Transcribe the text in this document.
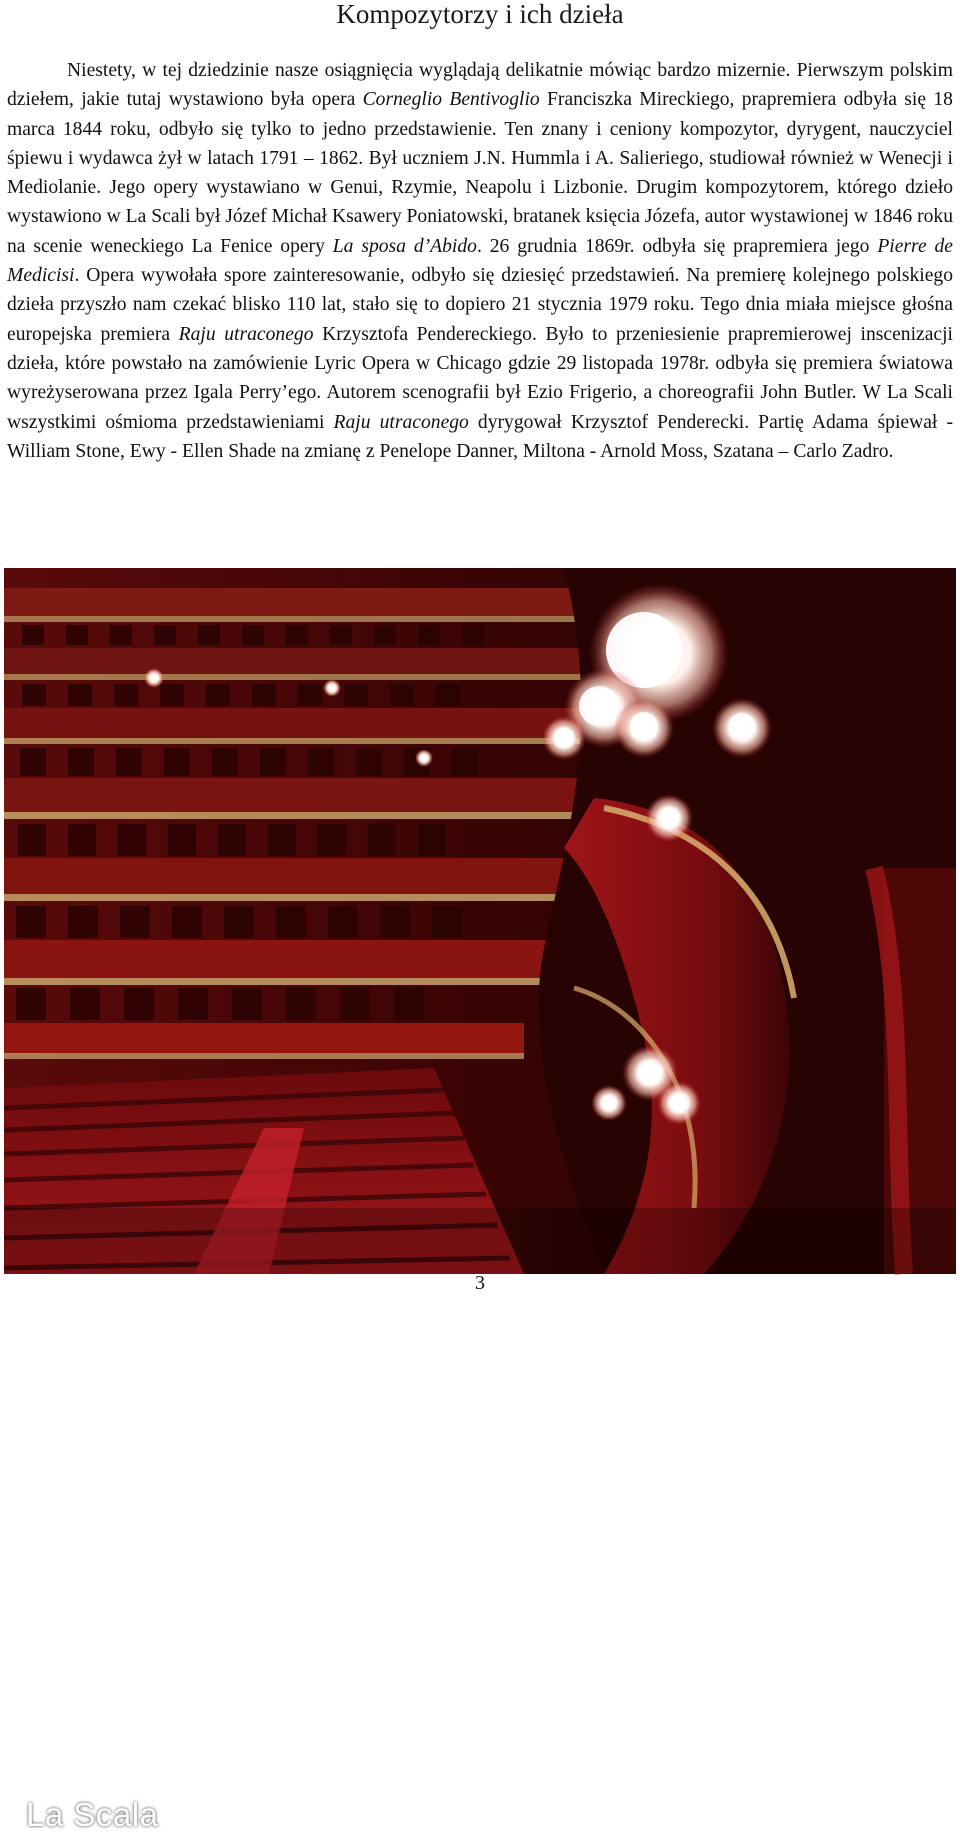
Kompozytorzy i ich dzieła

Niestety, w tej dziedzinie nasze osiągnięcia wyglądają delikatnie mówiąc bardzo mizernie. Pierwszym polskim dziełem, jakie tutaj wystawiono była opera Corneglio Bentivoglio Franciszka Mireckiego, prapremiera odbyła się 18 marca 1844 roku, odbyło się tylko to jedno przedstawienie. Ten znany i ceniony kompozytor, dyrygent, nauczyciel śpiewu i wydawca żył w latach 1791 – 1862. Był uczniem J.N. Hummla i A. Salieriego, studiował również w Wenecji i Mediolanie. Jego opery wystawiano w Genui, Rzymie, Neapolu i Lizbonie. Drugim kompozytorem, którego dzieło wystawiono w La Scali był Józef Michał Ksawery Poniatowski, bratanek księcia Józefa, autor wystawionej w 1846 roku na scenie weneckiego La Fenice opery La sposa d’Abido. 26 grudnia 1869r. odbyła się prapremiera jego Pierre de Medicisi. Opera wywołała spore zainteresowanie, odbyło się dziesięć przedstawień. Na premierę kolejnego polskiego dzieła przyszło nam czekać blisko 110 lat, stało się to dopiero 21 stycznia 1979 roku. Tego dnia miała miejsce głośna europejska premiera Raju utraconego Krzysztofa Pendereckiego. Było to przeniesienie prapremierowej inscenizacji dzieła, które powstało na zamówienie Lyric Opera w Chicago gdzie 29 listopada 1978r. odbyła się premiera światowa wyreżyserowana przez Igala Perry’ego. Autorem scenografii był Ezio Frigerio, a choreografii John Butler. W La Scali wszystkimi ośmioma przedstawieniami Raju utraconego dyrygował Krzysztof Penderecki. Partię Adama śpiewał - William Stone, Ewy - Ellen Shade na zmianę z Penelope Danner, Miltona - Arnold Moss, Szatana – Carlo Zadro.

La Scala
3
